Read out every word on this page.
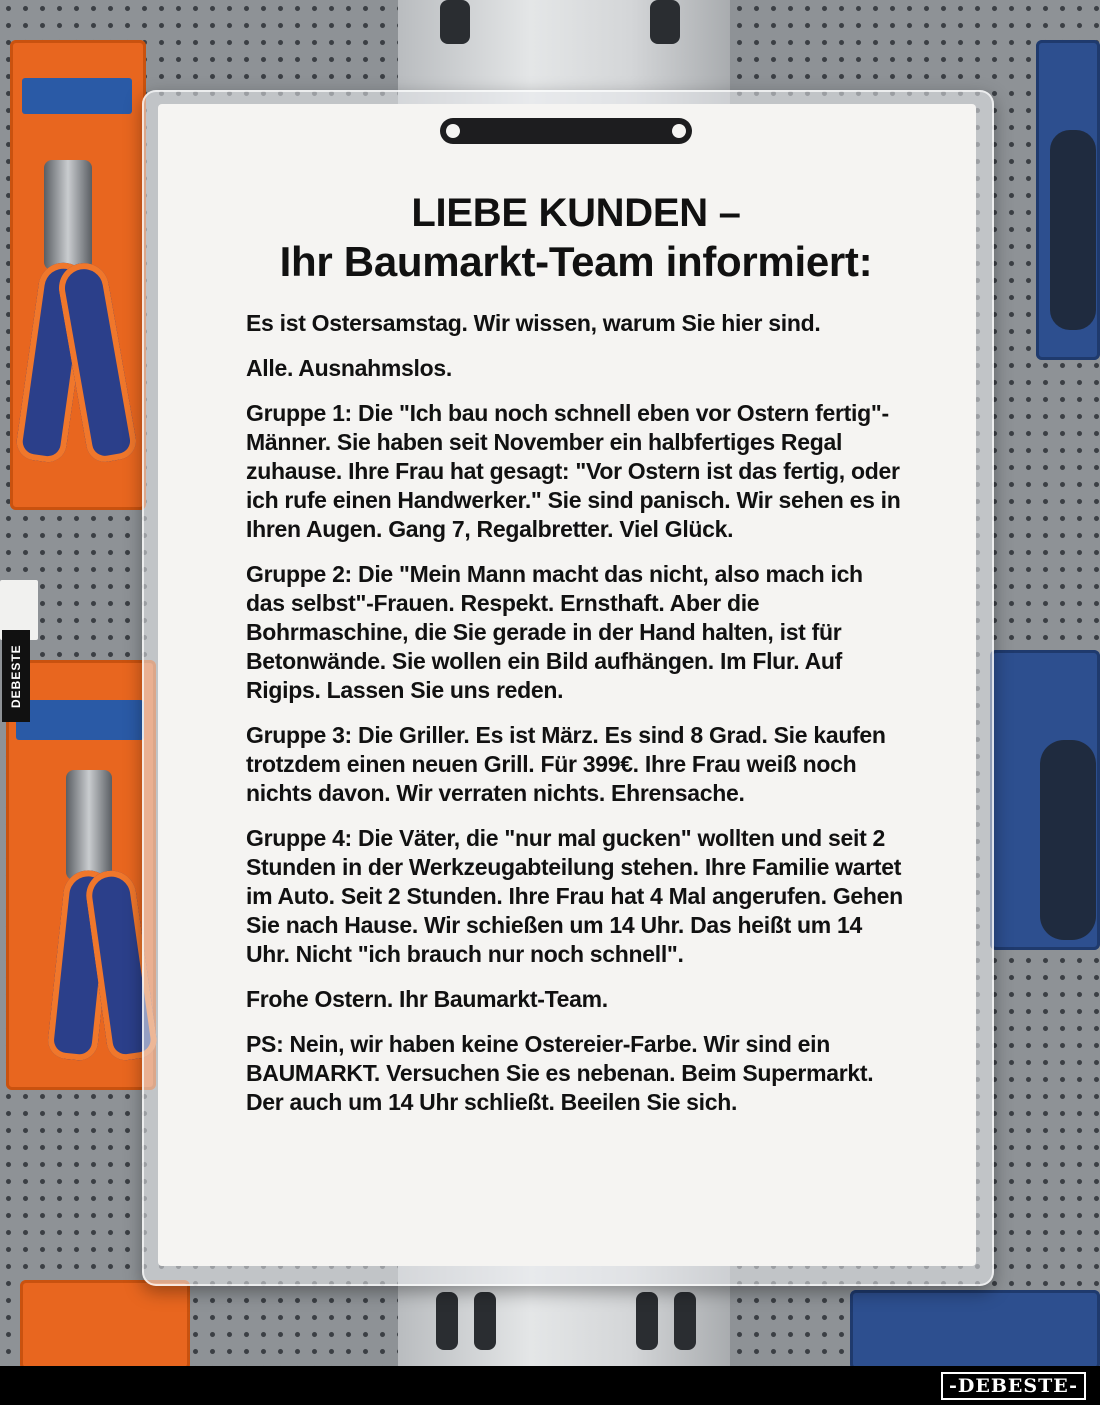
LIEBE KUNDEN –

Ihr Baumarkt-Team informiert:

Es ist Ostersamstag. Wir wissen, warum Sie hier sind.

Alle. Ausnahmslos.

Gruppe 1: Die "Ich bau noch schnell eben vor Ostern fertig"-Männer. Sie haben seit November ein halbfertiges Regal zuhause. Ihre Frau hat gesagt: "Vor Ostern ist das fertig, oder ich rufe einen Handwerker." Sie sind panisch. Wir sehen es in Ihren Augen. Gang 7, Regalbretter. Viel Glück.

Gruppe 2: Die "Mein Mann macht das nicht, also mach ich das selbst"-Frauen. Respekt. Ernsthaft. Aber die Bohrmaschine, die Sie gerade in der Hand halten, ist für Betonwände. Sie wollen ein Bild aufhängen. Im Flur. Auf Rigips. Lassen Sie uns reden.

Gruppe 3: Die Griller. Es ist März. Es sind 8 Grad. Sie kaufen trotzdem einen neuen Grill. Für 399€. Ihre Frau weiß noch nichts davon. Wir verraten nichts. Ehrensache.

Gruppe 4: Die Väter, die "nur mal gucken" wollten und seit 2 Stunden in der Werkzeugabteilung stehen. Ihre Familie wartet im Auto. Seit 2 Stunden. Ihre Frau hat 4 Mal angerufen. Gehen Sie nach Hause. Wir schießen um 14 Uhr. Das heißt um 14 Uhr. Nicht "ich brauch nur noch schnell".

Frohe Ostern. Ihr Baumarkt-Team.

PS: Nein, wir haben keine Ostereier-Farbe. Wir sind ein BAUMARKT. Versuchen Sie es nebenan. Beim Supermarkt. Der auch um 14 Uhr schließt. Beeilen Sie sich.

DEBESTE
-DEBESTE-
